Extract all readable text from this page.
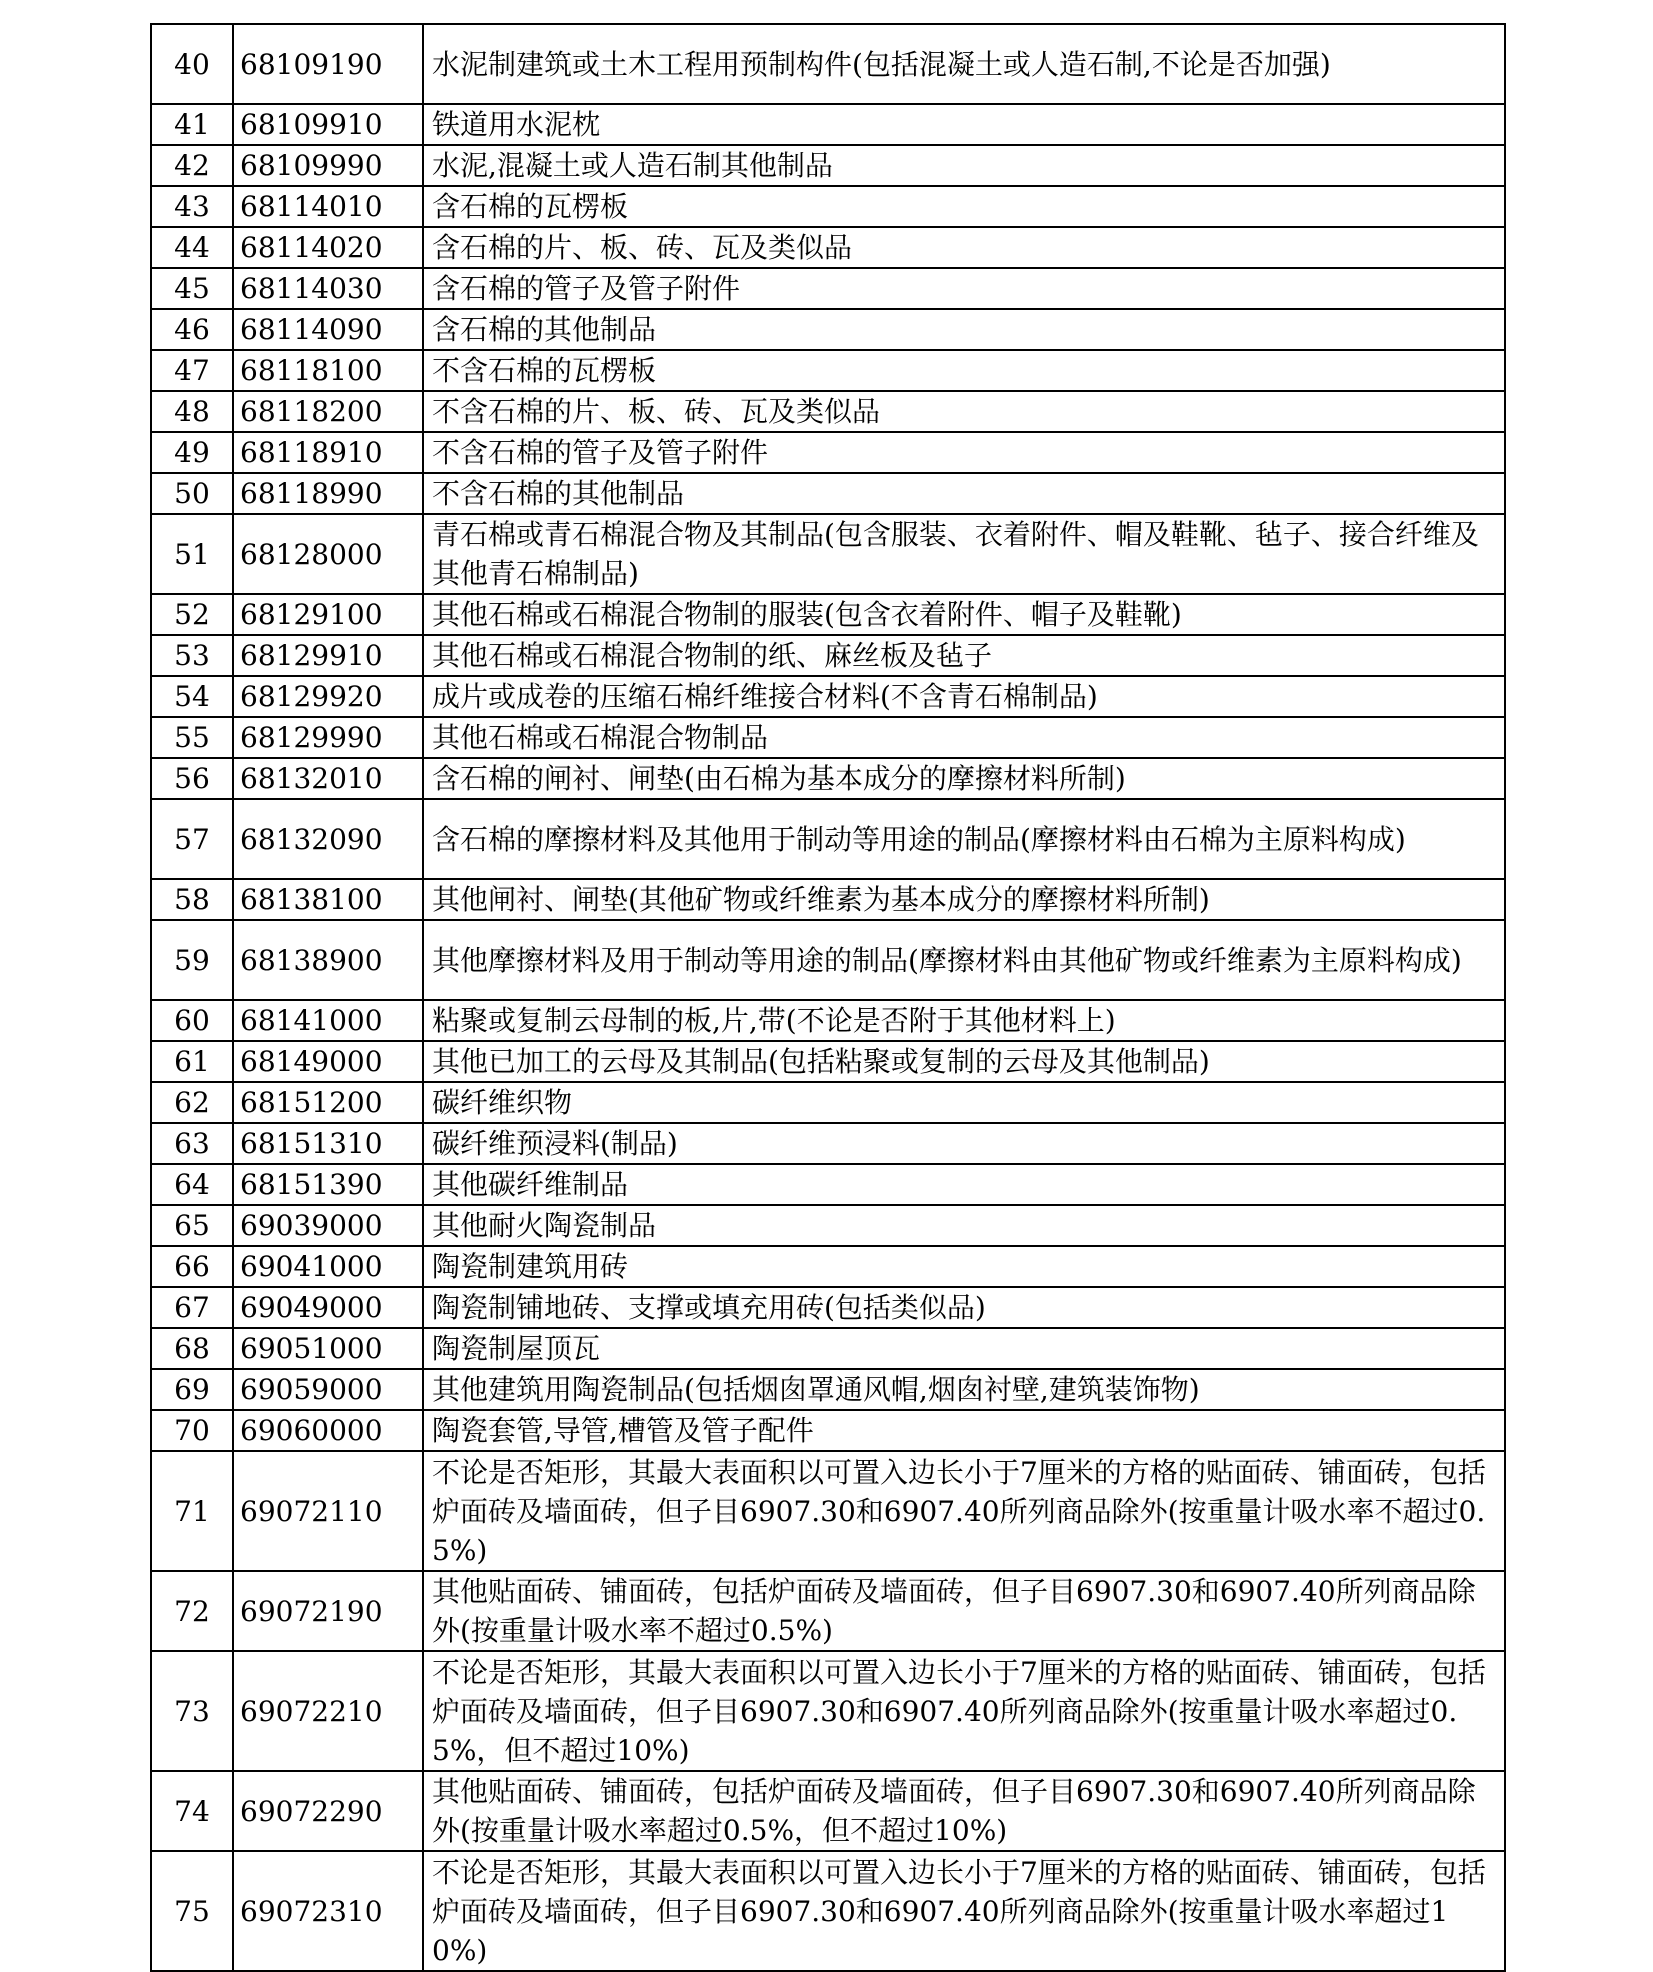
40	68109190	水泥制建筑或土木工程用预制构件(包括混凝土或人造石制,不论是否加强)
41	68109910	铁道用水泥枕
42	68109990	水泥,混凝土或人造石制其他制品
43	68114010	含石棉的瓦楞板
44	68114020	含石棉的片、板、砖、瓦及类似品
45	68114030	含石棉的管子及管子附件
46	68114090	含石棉的其他制品
47	68118100	不含石棉的瓦楞板
48	68118200	不含石棉的片、板、砖、瓦及类似品
49	68118910	不含石棉的管子及管子附件
50	68118990	不含石棉的其他制品
51	68128000	青石棉或青石棉混合物及其制品(包含服装、衣着附件、帽及鞋靴、毡子、接合纤维及其他青石棉制品)
52	68129100	其他石棉或石棉混合物制的服装(包含衣着附件、帽子及鞋靴)
53	68129910	其他石棉或石棉混合物制的纸、麻丝板及毡子
54	68129920	成片或成卷的压缩石棉纤维接合材料(不含青石棉制品)
55	68129990	其他石棉或石棉混合物制品
56	68132010	含石棉的闸衬、闸垫(由石棉为基本成分的摩擦材料所制)
57	68132090	含石棉的摩擦材料及其他用于制动等用途的制品(摩擦材料由石棉为主原料构成)
58	68138100	其他闸衬、闸垫(其他矿物或纤维素为基本成分的摩擦材料所制)
59	68138900	其他摩擦材料及用于制动等用途的制品(摩擦材料由其他矿物或纤维素为主原料构成)
60	68141000	粘聚或复制云母制的板,片,带(不论是否附于其他材料上)
61	68149000	其他已加工的云母及其制品(包括粘聚或复制的云母及其他制品)
62	68151200	碳纤维织物
63	68151310	碳纤维预浸料(制品)
64	68151390	其他碳纤维制品
65	69039000	其他耐火陶瓷制品
66	69041000	陶瓷制建筑用砖
67	69049000	陶瓷制铺地砖、支撑或填充用砖(包括类似品)
68	69051000	陶瓷制屋顶瓦
69	69059000	其他建筑用陶瓷制品(包括烟囱罩通风帽,烟囱衬壁,建筑装饰物)
70	69060000	陶瓷套管,导管,槽管及管子配件
71	69072110	不论是否矩形，其最大表面积以可置入边长小于7厘米的方格的贴面砖、铺面砖，包括炉面砖及墙面砖，但子目6907.30和6907.40所列商品除外(按重量计吸水率不超过0.5%)
72	69072190	其他贴面砖、铺面砖，包括炉面砖及墙面砖，但子目6907.30和6907.40所列商品除外(按重量计吸水率不超过0.5%)
73	69072210	不论是否矩形，其最大表面积以可置入边长小于7厘米的方格的贴面砖、铺面砖，包括炉面砖及墙面砖，但子目6907.30和6907.40所列商品除外(按重量计吸水率超过0.5%，但不超过10%)
74	69072290	其他贴面砖、铺面砖，包括炉面砖及墙面砖，但子目6907.30和6907.40所列商品除外(按重量计吸水率超过0.5%，但不超过10%)
75	69072310	不论是否矩形，其最大表面积以可置入边长小于7厘米的方格的贴面砖、铺面砖，包括炉面砖及墙面砖，但子目6907.30和6907.40所列商品除外(按重量计吸水率超过10%)
